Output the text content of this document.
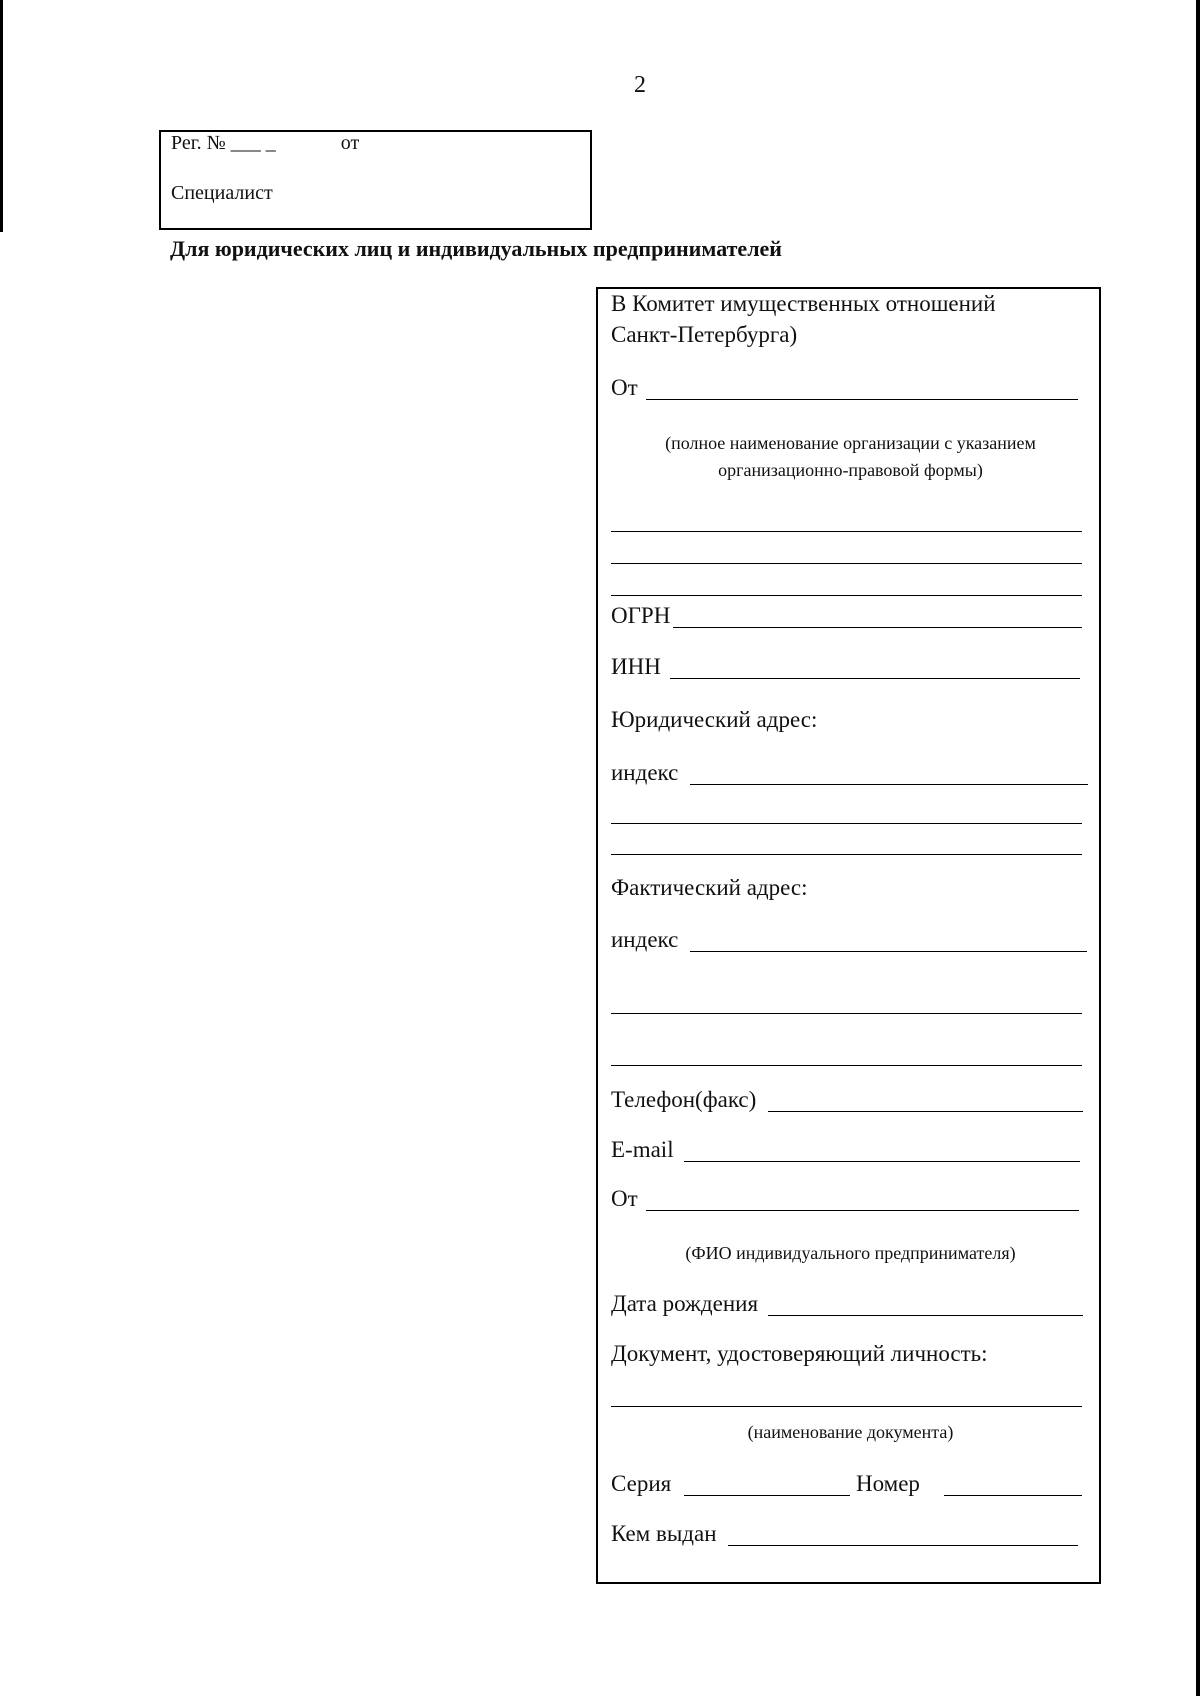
2
Рег. № ___ _	от
Специалист
Для юридических лиц и индивидуальных предпринимателей
В Комитет имущественных отношений
Санкт-Петербурга)
От
(полное наименование организации с указанием
организационно-правовой формы)
ОГРН
ИНН
Юридический адрес:
индекс
Фактический адрес:
индекс
Телефон(факс)
E-mail
От
(ФИО индивидуального предпринимателя)
Дата рождения
Документ, удостоверяющий личность:
(наименование документа)
Серия	Номер
Кем выдан
